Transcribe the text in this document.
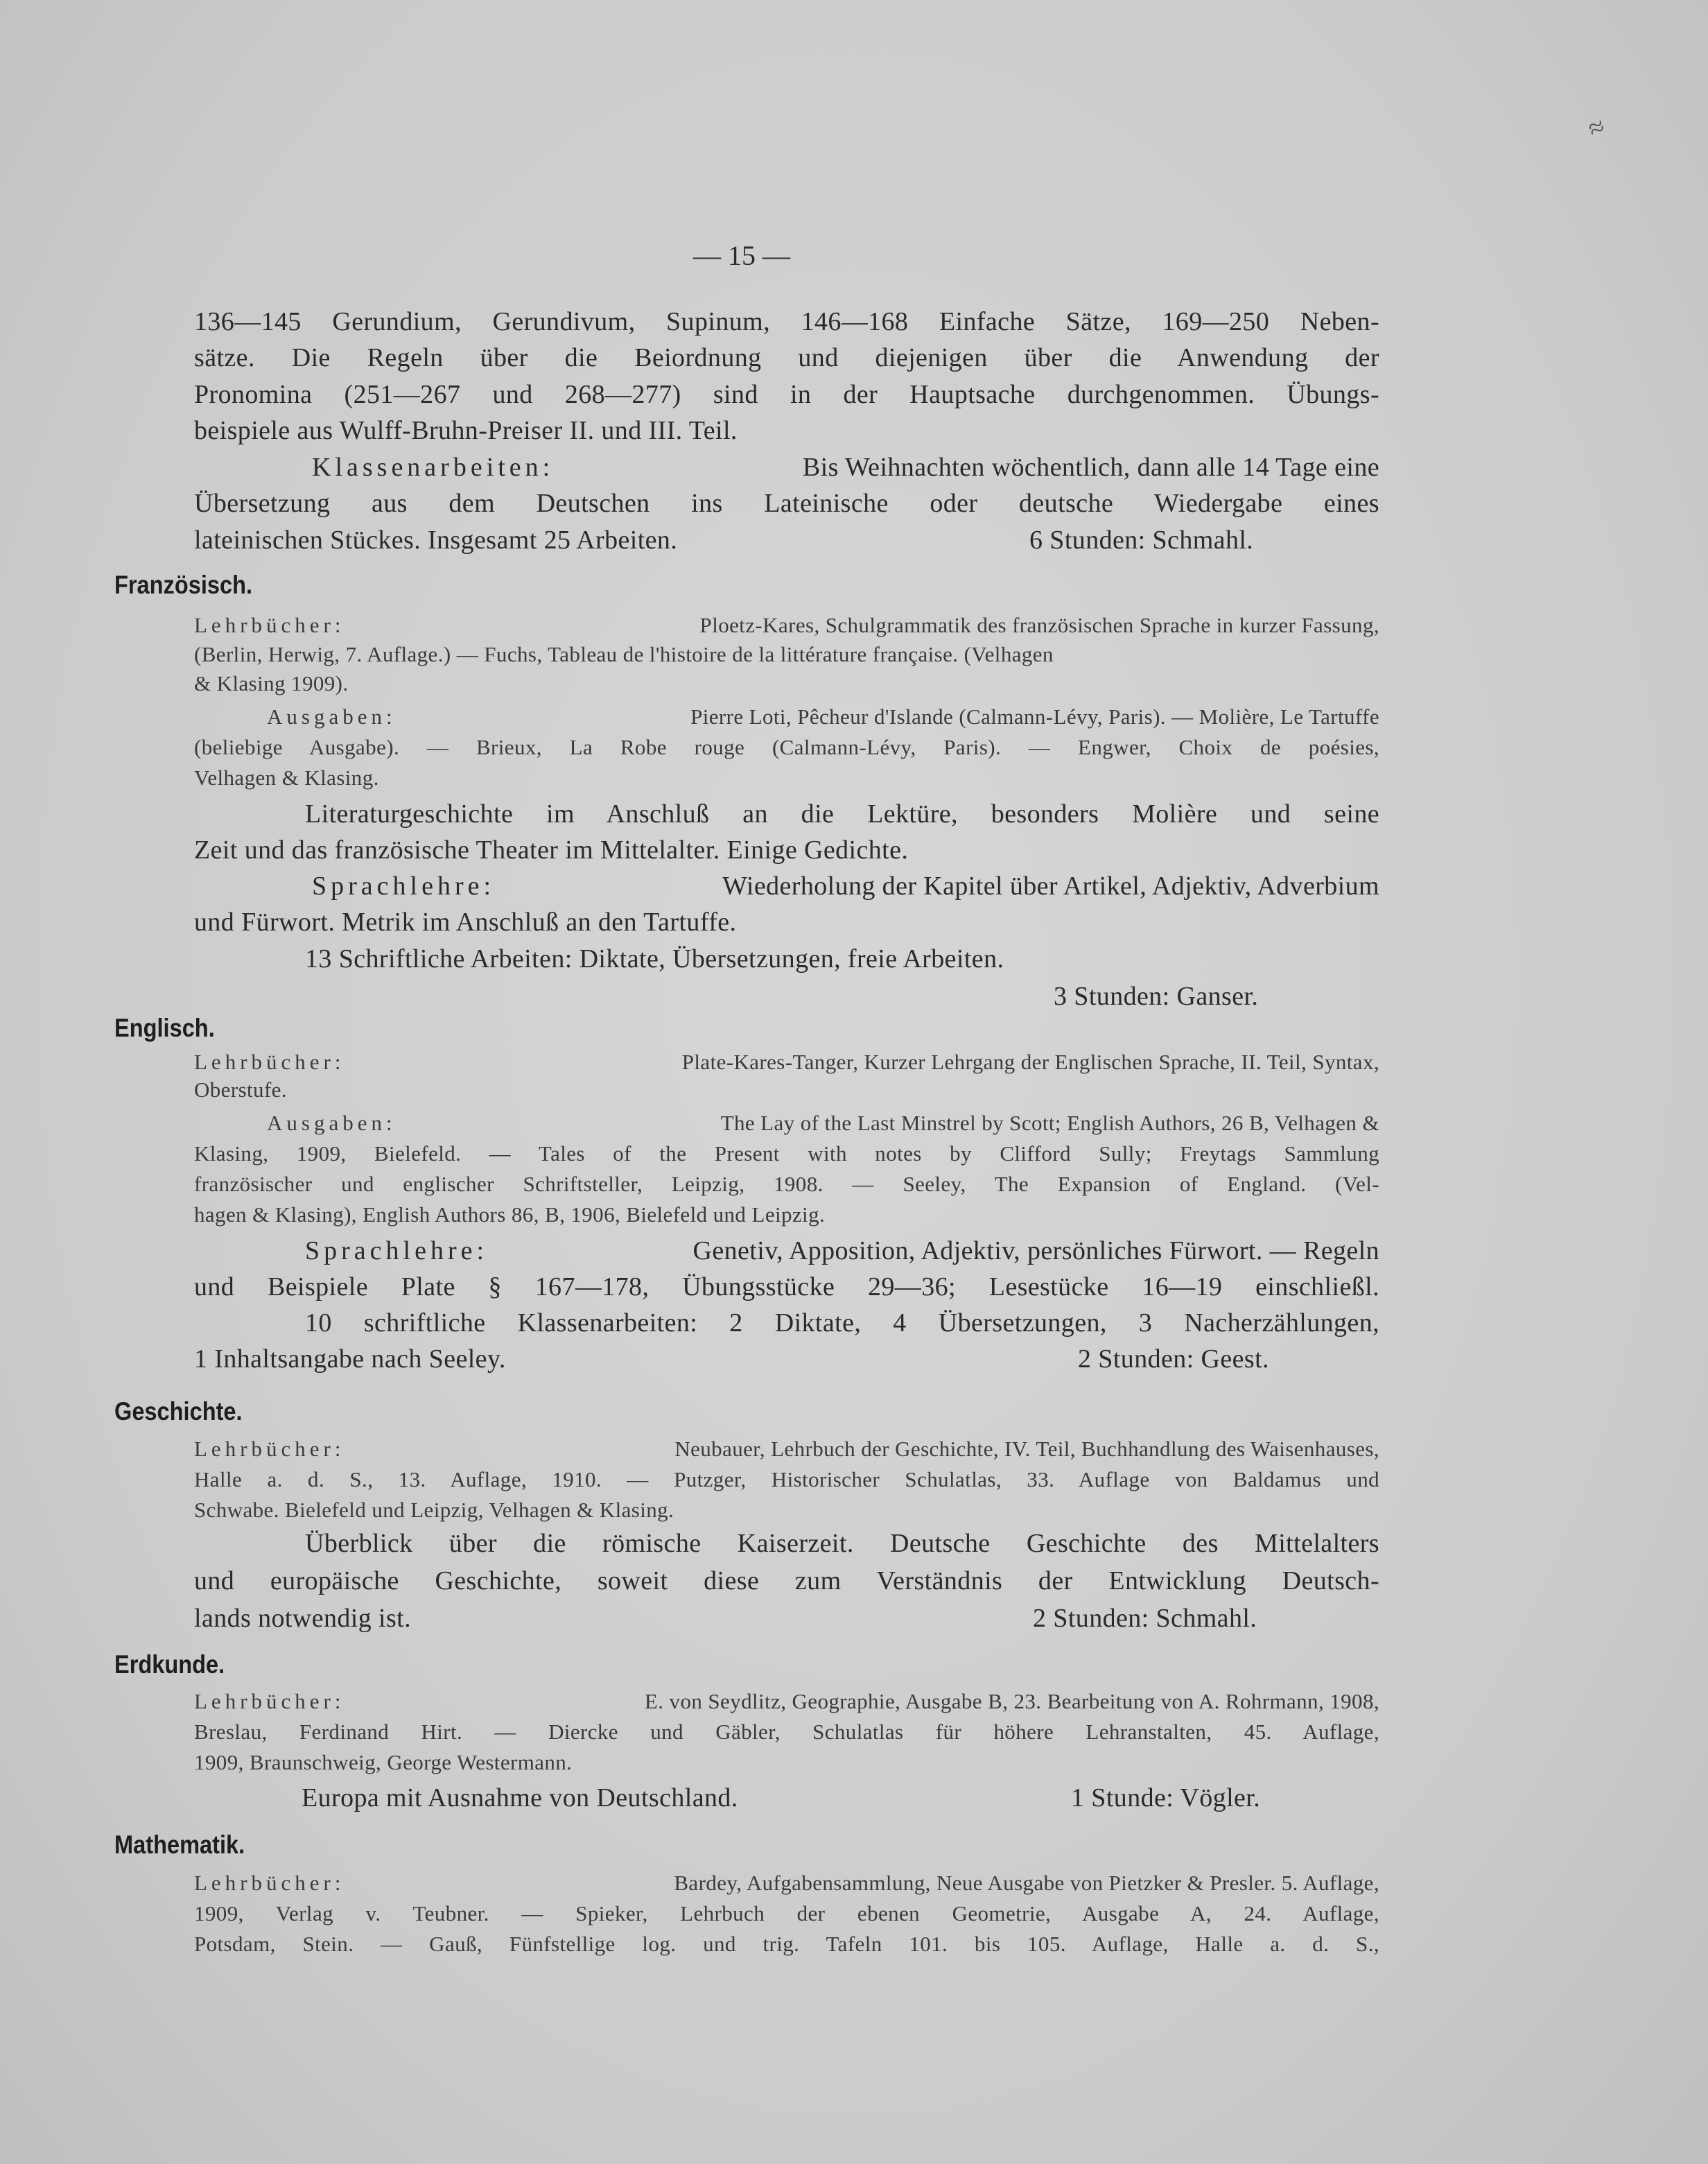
≈
— 15 —
136—145 Gerundium, Gerundivum, Supinum, 146—168 Einfache Sätze, 169—250 Neben-
sätze. Die Regeln über die Beiordnung und diejenigen über die Anwendung der
Pronomina (251—267 und 268—277) sind in der Hauptsache durchgenommen. Übungs-
beispiele aus Wulff-Bruhn-Preiser II. und III. Teil.
Klassenarbeiten:	Bis Weihnachten wöchentlich, dann alle 14 Tage eine
Übersetzung aus dem Deutschen ins Lateinische oder deutsche Wiedergabe eines
lateinischen Stückes. Insgesamt 25 Arbeiten.	6 Stunden: Schmahl.
Französisch.
Lehrbücher:	Ploetz-Kares, Schulgrammatik des französischen Sprache in kurzer Fassung,
(Berlin, Herwig, 7. Auflage.) — Fuchs, Tableau de l'histoire de la littérature française. (Velhagen
& Klasing 1909).
Ausgaben:	Pierre Loti, Pêcheur d'Islande (Calmann-Lévy, Paris). — Molière, Le Tartuffe
(beliebige Ausgabe). — Brieux, La Robe rouge (Calmann-Lévy, Paris). — Engwer, Choix de poésies,
Velhagen & Klasing.
Literaturgeschichte im Anschluß an die Lektüre, besonders Molière und seine
Zeit und das französische Theater im Mittelalter. Einige Gedichte.
Sprachlehre:	Wiederholung der Kapitel über Artikel, Adjektiv, Adverbium
und Fürwort. Metrik im Anschluß an den Tartuffe.
13 Schriftliche Arbeiten: Diktate, Übersetzungen, freie Arbeiten.
3 Stunden: Ganser.
Englisch.
Lehrbücher:	Plate-Kares-Tanger, Kurzer Lehrgang der Englischen Sprache, II. Teil, Syntax,
Oberstufe.
Ausgaben:	The Lay of the Last Minstrel by Scott; English Authors, 26 B, Velhagen &
Klasing, 1909, Bielefeld. — Tales of the Present with notes by Clifford Sully; Freytags Sammlung
französischer und englischer Schriftsteller, Leipzig, 1908. — Seeley, The Expansion of England. (Vel-
hagen & Klasing), English Authors 86, B, 1906, Bielefeld und Leipzig.
Sprachlehre:	Genetiv, Apposition, Adjektiv, persönliches Fürwort. — Regeln
und Beispiele Plate § 167—178, Übungsstücke 29—36; Lesestücke 16—19 einschließl.
10 schriftliche Klassenarbeiten: 2 Diktate, 4 Übersetzungen, 3 Nacherzählungen,
1 Inhaltsangabe nach Seeley.	2 Stunden: Geest.
Geschichte.
Lehrbücher:	Neubauer, Lehrbuch der Geschichte, IV. Teil, Buchhandlung des Waisenhauses,
Halle a. d. S., 13. Auflage, 1910. — Putzger, Historischer Schulatlas, 33. Auflage von Baldamus und
Schwabe. Bielefeld und Leipzig, Velhagen & Klasing.
Überblick über die römische Kaiserzeit. Deutsche Geschichte des Mittelalters
und europäische Geschichte, soweit diese zum Verständnis der Entwicklung Deutsch-
lands notwendig ist.	2 Stunden: Schmahl.
Erdkunde.
Lehrbücher:	E. von Seydlitz, Geographie, Ausgabe B, 23. Bearbeitung von A. Rohrmann, 1908,
Breslau, Ferdinand Hirt. — Diercke und Gäbler, Schulatlas für höhere Lehranstalten, 45. Auflage,
1909, Braunschweig, George Westermann.
Europa mit Ausnahme von Deutschland.	1 Stunde: Vögler.
Mathematik.
Lehrbücher:	Bardey, Aufgabensammlung, Neue Ausgabe von Pietzker & Presler. 5. Auflage,
1909, Verlag v. Teubner. — Spieker, Lehrbuch der ebenen Geometrie, Ausgabe A, 24. Auflage,
Potsdam, Stein. — Gauß, Fünfstellige log. und trig. Tafeln 101. bis 105. Auflage, Halle a. d. S.,
